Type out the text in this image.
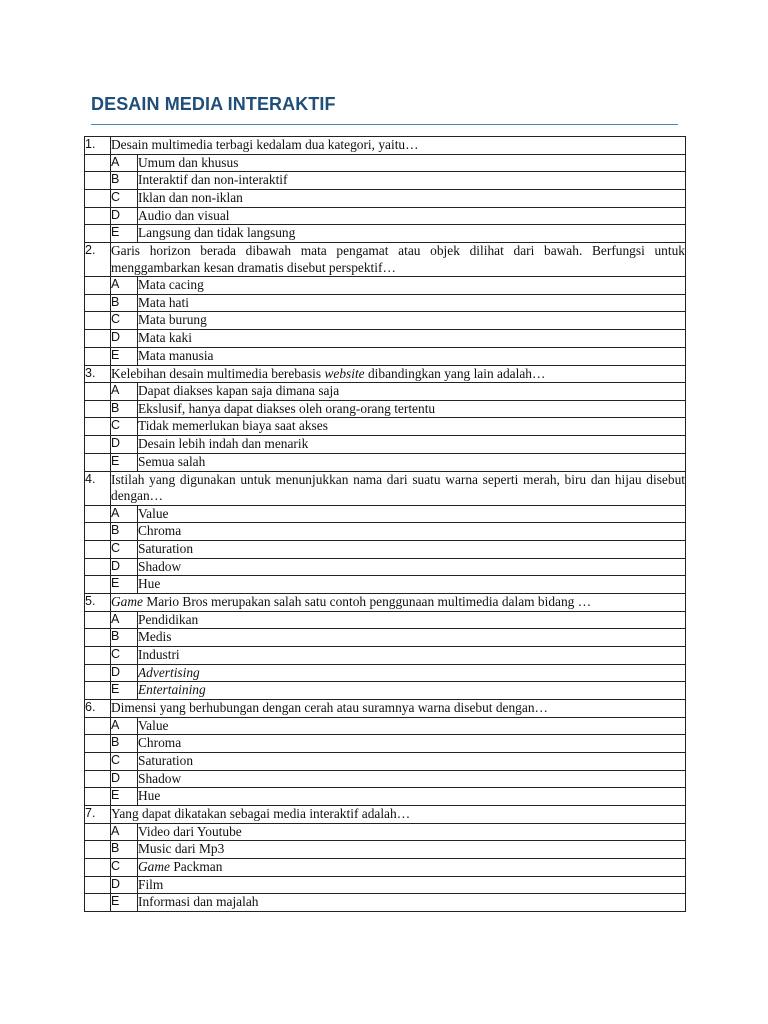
DESAIN MEDIA INTERAKTIF
1.	Desain multimedia terbagi kedalam dua kategori, yaitu…	
	A	Umum dan khusus
	B	Interaktif dan non-interaktif
	C	Iklan dan non-iklan
	D	Audio dan visual
	E	Langsung dan tidak langsung
2.	Garis horizon berada dibawah mata pengamat atau objek dilihat dari bawah. Berfungsi untuk menggambarkan kesan dramatis disebut perspektif…	
	A	Mata cacing
	B	Mata hati
	C	Mata burung
	D	Mata kaki
	E	Mata manusia
3.	Kelebihan desain multimedia berebasis website dibandingkan yang lain adalah…	
	A	Dapat diakses kapan saja dimana saja
	B	Ekslusif, hanya dapat diakses oleh orang-orang tertentu
	C	Tidak memerlukan biaya saat akses
	D	Desain lebih indah dan menarik
	E	Semua salah
4.	Istilah yang digunakan untuk menunjukkan nama dari suatu warna seperti merah, biru dan hijau disebut dengan…	
	A	Value
	B	Chroma
	C	Saturation
	D	Shadow
	E	Hue
5.	Game Mario Bros merupakan salah satu contoh penggunaan multimedia dalam bidang …	
	A	Pendidikan
	B	Medis
	C	Industri
	D	Advertising
	E	Entertaining
6.	Dimensi yang berhubungan dengan cerah atau suramnya warna disebut dengan…	
	A	Value
	B	Chroma
	C	Saturation
	D	Shadow
	E	Hue
7.	Yang dapat dikatakan sebagai media interaktif adalah…	
	A	Video dari Youtube
	B	Music dari Mp3
	C	Game Packman
	D	Film
	E	Informasi dan majalah
